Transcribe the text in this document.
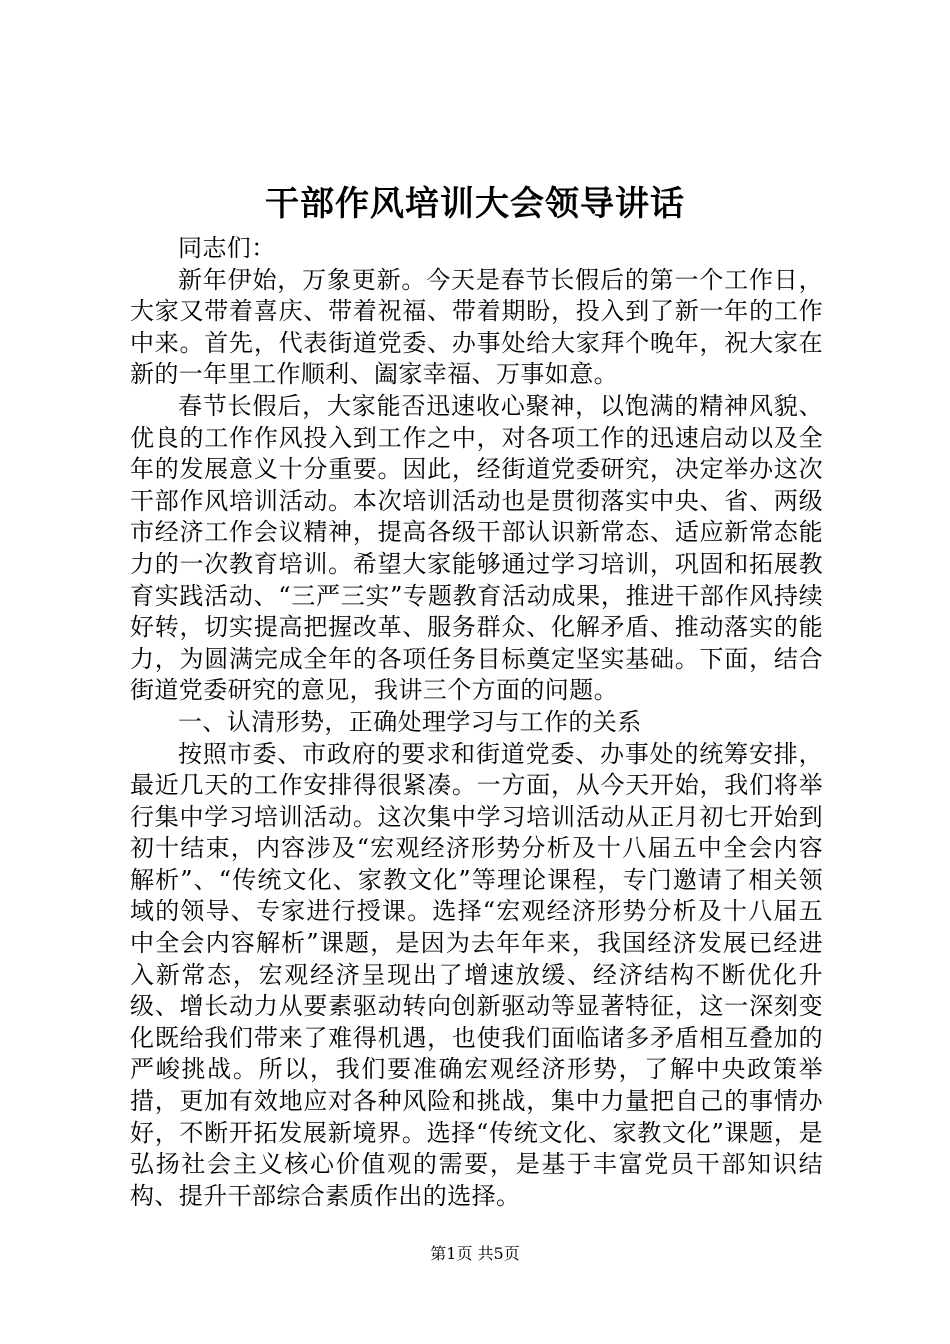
干部作风培训大会领导讲话

同志们：

新年伊始，万象更新。今天是春节长假后的第一个工作日，大家又带着喜庆、带着祝福、带着期盼，投入到了新一年的工作中来。首先，代表街道党委、办事处给大家拜个晚年，祝大家在新的一年里工作顺利、阖家幸福、万事如意。

春节长假后，大家能否迅速收心聚神，以饱满的精神风貌、优良的工作作风投入到工作之中，对各项工作的迅速启动以及全年的发展意义十分重要。因此，经街道党委研究，决定举办这次干部作风培训活动。本次培训活动也是贯彻落实中央、省、两级市经济工作会议精神，提高各级干部认识新常态、适应新常态能力的一次教育培训。希望大家能够通过学习培训，巩固和拓展教育实践活动、“三严三实”专题教育活动成果，推进干部作风持续好转，切实提高把握改革、服务群众、化解矛盾、推动落实的能力，为圆满完成全年的各项任务目标奠定坚实基础。下面，结合街道党委研究的意见，我讲三个方面的问题。

一、认清形势，正确处理学习与工作的关系

按照市委、市政府的要求和街道党委、办事处的统筹安排，最近几天的工作安排得很紧凑。一方面，从今天开始，我们将举行集中学习培训活动。这次集中学习培训活动从正月初七开始到初十结束，内容涉及“宏观经济形势分析及十八届五中全会内容解析”、“传统文化、家教文化”等理论课程，专门邀请了相关领域的领导、专家进行授课。选择“宏观经济形势分析及十八届五中全会内容解析”课题，是因为去年年来，我国经济发展已经进入新常态，宏观经济呈现出了增速放缓、经济结构不断优化升级、增长动力从要素驱动转向创新驱动等显著特征，这一深刻变化既给我们带来了难得机遇，也使我们面临诸多矛盾相互叠加的严峻挑战。所以，我们要准确宏观经济形势，了解中央政策举措，更加有效地应对各种风险和挑战，集中力量把自己的事情办好，不断开拓发展新境界。选择“传统文化、家教文化”课题，是弘扬社会主义核心价值观的需要，是基于丰富党员干部知识结构、提升干部综合素质作出的选择。

第1页 共5页
